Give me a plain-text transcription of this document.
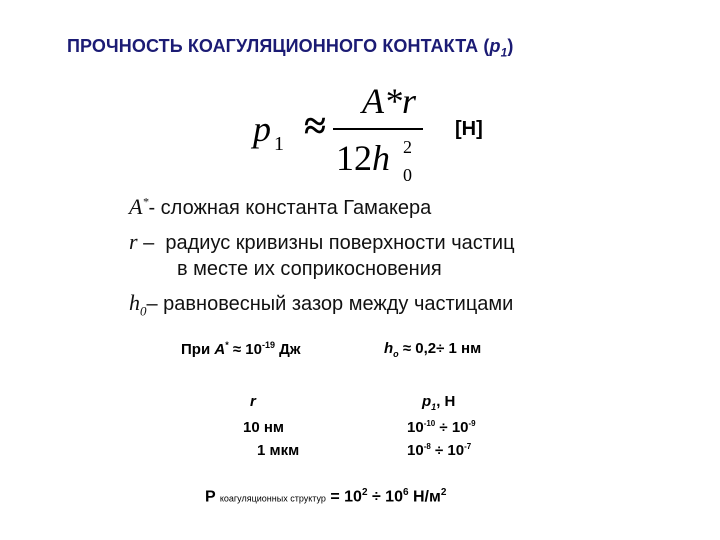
ПРОЧНОСТЬ КОАГУЛЯЦИОННОГО КОНТАКТА $(p_1)$
p 1 ≈
A*r
12h 2
0
[Н]
A*- сложная константа Гамакера
r –  радиус кривизны поверхности частиц
в месте их соприкосновения
$h_0-$ равновесный зазор между частицами
При $A^* \approx 10^{-19}$ Дж	$h_o \approx 0,2\div 1$ нм
r	$p_1$, Н
10 нм	$10^{-10} \div 10^{-9}$
1 мкм	$10^{-8} \div 10^{-7}$
P коагуляционных структур = $10^2 \div 10^6$ $Н/м^2$
